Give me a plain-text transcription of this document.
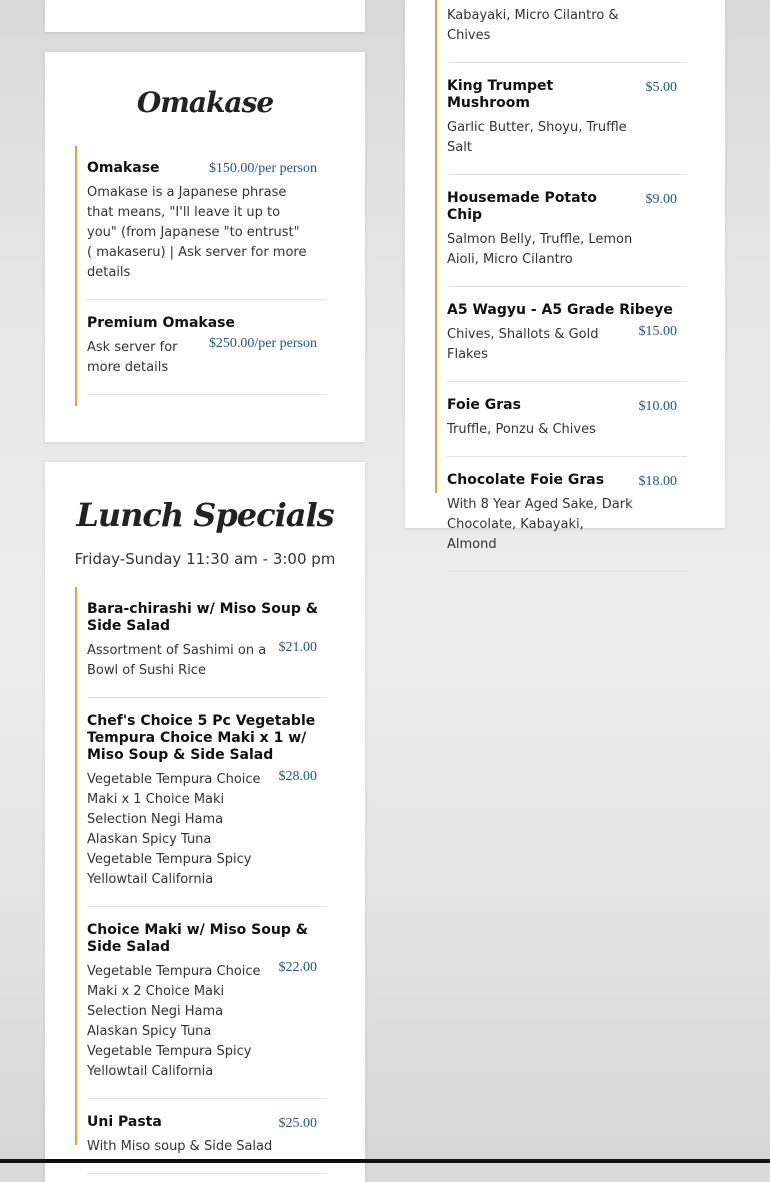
Omakase
Omakase	$150.00/per person
Omakase is a Japanese phrase that means, "I'll leave it up to you" (from Japanese "to entrust" ( makaseru) | Ask server for more details
Premium Omakase
$250.00/per person
Ask server for more details
Lunch Specials
Friday-Sunday 11:30 am - 3:00 pm
Bara-chirashi w/ Miso Soup & Side Salad
$21.00
Assortment of Sashimi on a Bowl of Sushi Rice
Chef's Choice 5 Pc Vegetable Tempura Choice Maki x 1 w/ Miso Soup & Side Salad
$28.00
Vegetable Tempura Choice Maki x 1 Choice Maki Selection Negi Hama Alaskan Spicy Tuna Vegetable Tempura Spicy Yellowtail California
Choice Maki w/ Miso Soup & Side Salad
$22.00
Vegetable Tempura Choice Maki x 2 Choice Maki Selection Negi Hama Alaskan Spicy Tuna Vegetable Tempura Spicy Yellowtail California
Uni Pasta	$25.00
With Miso soup & Side Salad
Kabayaki, Micro Cilantro & Chives
King Trumpet Mushroom
$5.00
Garlic Butter, Shoyu, Truffle Salt
Housemade Potato Chip
$9.00
Salmon Belly, Truffle, Lemon Aioli, Micro Cilantro
A5 Wagyu - A5 Grade Ribeye
$15.00
Chives, Shallots & Gold Flakes
Foie Gras	$10.00
Truffle, Ponzu & Chives
Chocolate Foie Gras	$18.00
With 8 Year Aged Sake, Dark Chocolate, Kabayaki, Almond
